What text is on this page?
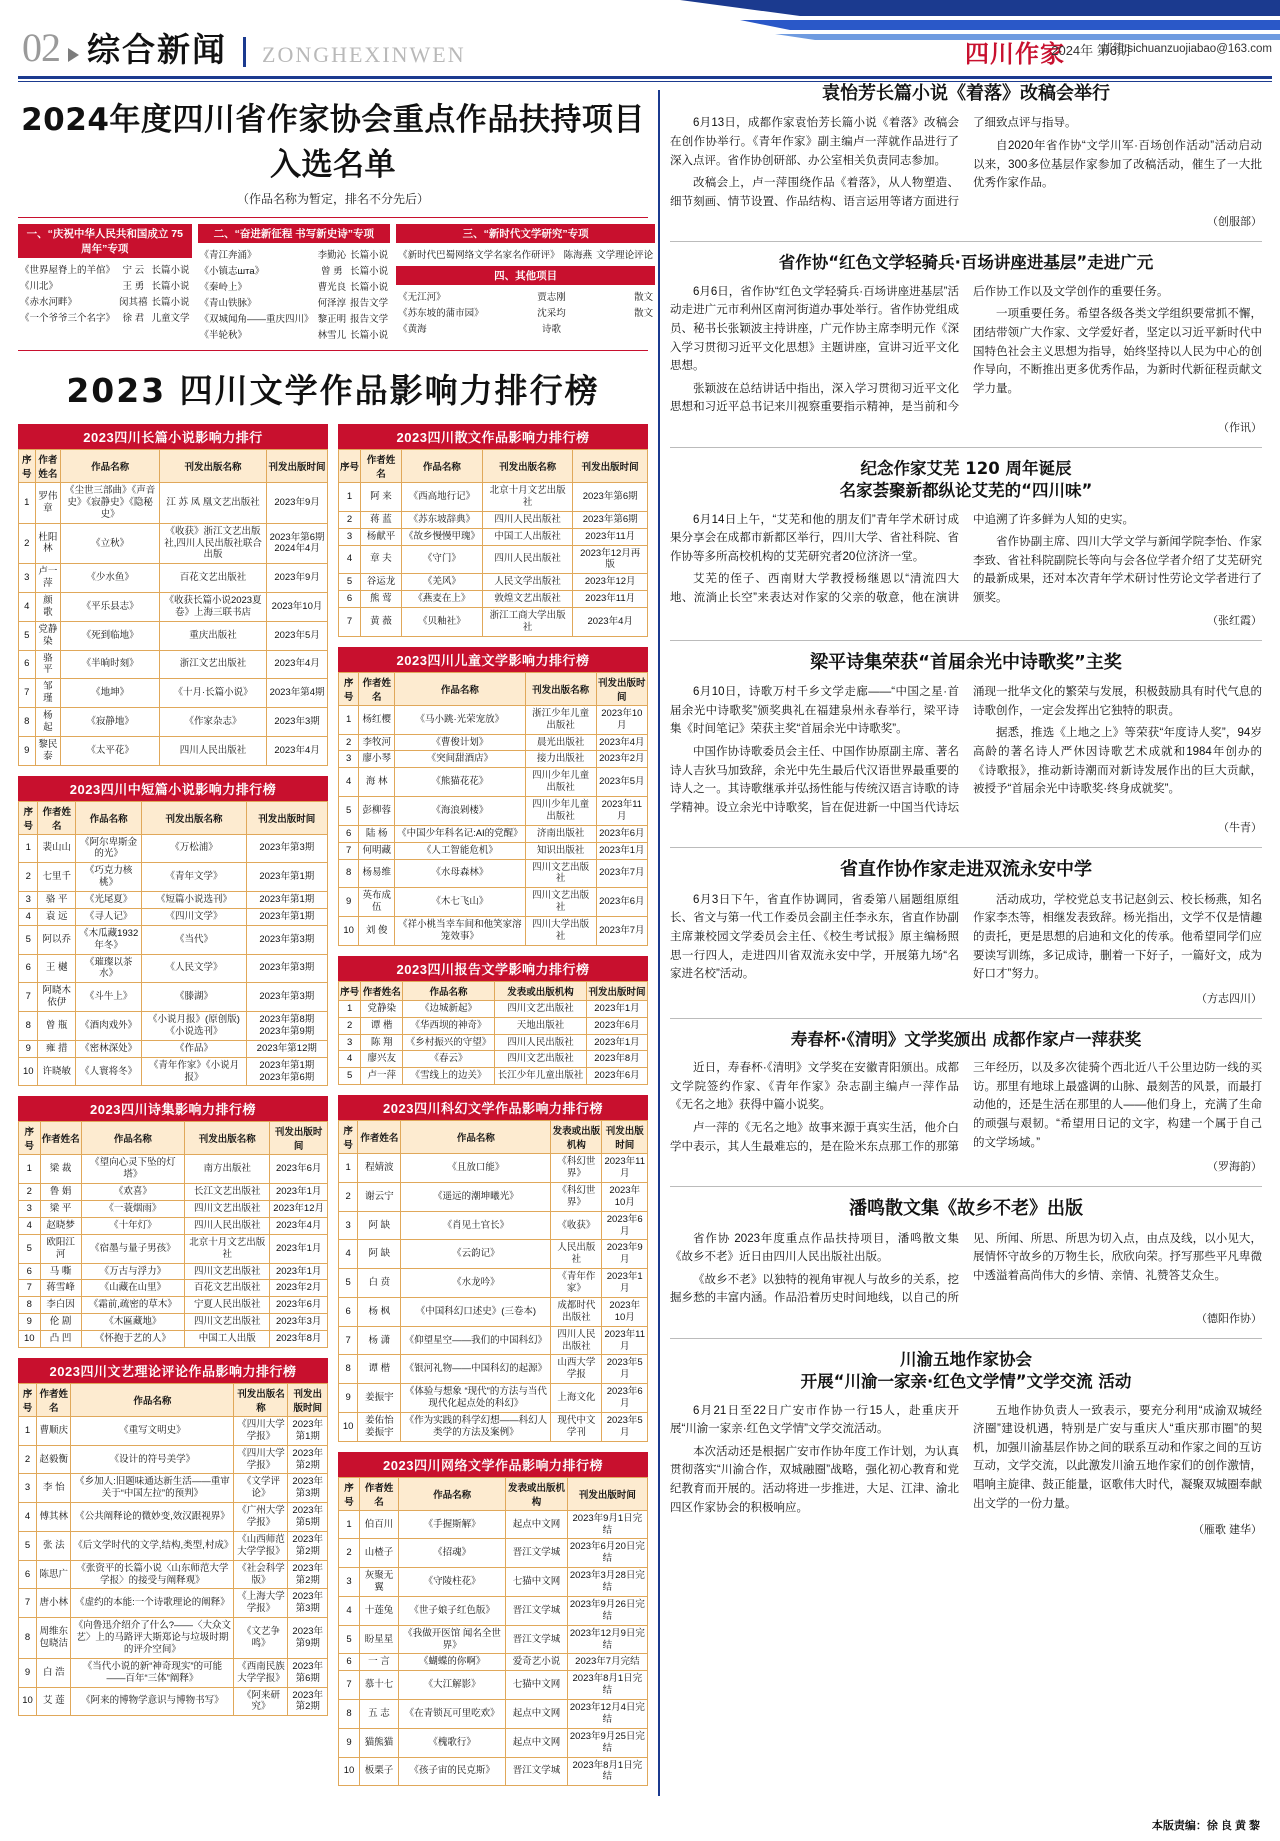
02 综合新闻 ZONGHEXINWEN	四川作家
2024年 第6期
邮箱:sichuanzuojiabao@163.com
2024年度四川省作家协会重点作品扶持项目入选名单
（作品名称为暂定，排名不分先后）
一、“庆祝中华人民共和国成立 75 周年”专项
《世界屋脊上的羊倌》	宁 云	长篇小说
《川北》	王 勇	长篇小说
《赤水河畔》	闵其禧	长篇小说
《一个爷爷三个名字》	徐 君	儿童文学
二、“奋进新征程 书写新史诗”专项
《青江奔涌》	李勤沁	长篇小说
《小镇志шта》	曾 勇	长篇小说
《秦岭上》	曹光良	长篇小说
《青山铁脉》	何泽淳	报告文学
《双城闻角——重庆四川》	黎正明	报告文学
《半轮秋》	林雪儿	长篇小说
三、“新时代文学研究”专项
《新时代巴蜀网络文学名家名作研评》	陈海燕	文学理论评论
四、其他项目
《无江河》	贾志刚	散文
《苏东坡的蒲市园》	沈采均	散文
《黄海	诗歌	
2023 四川文学作品影响力排行榜
2023四川长篇小说影响力排行
序号	作者姓名	作品名称	刊发出版名称	刊发出版时间
1	罗伟章	《尘世三部曲》《声音史》《寂静史》《隐秘史》	江 苏 凤 凰文艺出版社	2023年9月
2	杜阳林	《立秋》	《收获》浙江文艺出版社,四川人民出版社联合出版	2023年第6期 2024年4月
3	卢一萍	《少水鱼》	百花文艺出版社	2023年9月
4	颜 歌	《平乐县志》	《收获长篇小说2023夏卷》上海三联书店	2023年10月
5	党静染	《死到临地》	重庆出版社	2023年5月
6	骆 平	《半晌时刻》	浙江文艺出版社	2023年4月
7	邹 瑾	《地坤》	《十月·长篇小说》	2023年第4期
8	杨 起	《寂静地》	《作家杂志》	2023年3期
9	黎民泰	《太平花》	四川人民出版社	2023年4月
2023四川中短篇小说影响力排行榜
序号	作者姓名	作品名称	刊发出版名称	刊发出版时间
1	裴山山	《阿尔卑斯金的光》	《万松浦》	2023年第3期
2	七里千	《巧克力核桃》	《青年文学》	2023年第1期
3	骆 平	《光尾夏》	《短篇小说选刊》	2023年第1期
4	袁 远	《寻人记》	《四川文学》	2023年第1期
5	阿以乔	《木瓜藏1932年冬》	《当代》	2023年第3期
6	王 樾	《璀璨以茶水》	《人民文学》	2023年第3期
7	阿晓木依伊	《斗牛上》	《滕湖》	2023年第3期
8	曾 瓶	《酒肉戏外》	《小说月报》(原创版) 《小说选刊》	2023年第8期 2023年第9期
9	雍 措	《密林深处》	《作品》	2023年第12期
10	许晓敏	《人寰将冬》	《青年作家》《小说月报》	2023年第1期 2023年第6期
2023四川诗集影响力排行榜
序号	作者姓名	作品名称	刊发出版名称	刊发出版时间
1	梁 裁	《望向心灵下坠的灯塔》	南方出版社	2023年6月
2	鲁 娟	《欢喜》	长江文艺出版社	2023年1月
3	梁 平	《一蓑烟雨》	四川文艺出版社	2023年12月
4	赵晓梦	《十年灯》	四川人民出版社	2023年4月
5	欧阳江河	《宿墨与量子男孩》	北京十月文艺出版社	2023年1月
6	马 嘶	《万古与浮力》	四川文艺出版社	2023年1月
7	蒋雪峰	《山藏在山里》	百花文艺出版社	2023年2月
8	李白因	《霜前,疏密的草木》	宁夏人民出版社	2023年6月
9	伦 剧	《木匾藏地》	四川文艺出版社	2023年3月
10	凸 凹	《怀抱于艺的人》	中国工人出版	2023年8月
2023四川文艺理论评论作品影响力排行榜
序号	作者姓名	作品名称	刊发出版名称	刊发出版时间
1	曹顺庆	《重写文明史》	《四川大学学报》	2023年第1期
2	赵毅衡	《设计的符号美学》	《四川大学学报》	2023年第2期
3	李 怡	《乡加人:旧题味通达新生活——重审关于“中国左拉”的预判》	《文学评论》	2023年第3期
4	傅其林	《公共阐释论的微妙变,效汉跟视界》	《广州大学学报》	2023年第5期
5	张 法	《后文学时代的文学,结构,类型,村成》	《山西师范大学学报》	2023年第2期
6	陈思广	《张资平的长篇小说〈山东师范大学学报〉的接受与阐释观》	《社会科学版》	2023年第2期
7	唐小林	《虚约的本能:一个诗歌理论的阐释》	《上海大学学报》	2023年第3期
8	周维东 包晓洁	《向鲁迅介绍介了什么?——〈大众文艺〉上的马路评大斯郑论与垃圾时期的评介空间》	《文艺争鸣》	2023年第9期
9	白 浩	《当代小说的新“神奇现实”的可能——百年“三体”阐释》	《西南民族大学学报》	2023年第6期
10	艾 莲	《阿来的博物学意识与博物书写》	《阿来研究》	2023年第2期
2023四川散文作品影响力排行榜
序号	作者姓名	作品名称	刊发出版名称	刊发出版时间
1	阿 来	《西高地行记》	北京十月文艺出版社	2023年第6期
2	蒋 蓝	《苏东坡辞典》	四川人民出版社	2023年第6期
3	杨献平	《故乡慢慢甲瑰》	中国工人出版社	2023年11月
4	章 夫	《守门》	四川人民出版社	2023年12月再版
5	谷运龙	《羌风》	人民文学出版社	2023年12月
6	熊 莺	《燕麦在上》	敦煌文艺出版社	2023年11月
7	黄 薇	《贝釉社》	浙江工商大学出版社	2023年4月
2023四川儿童文学影响力排行榜
序号	作者姓名	作品名称	刊发出版名称	刊发出版时间
1	杨红樱	《马小跳·光荣宠放》	浙江少年儿童出版社	2023年10月
2	李牧河	《曹俊计划》	晨光出版社	2023年4月
3	廖小琴	《突间甜酒店》	接力出版社	2023年2月
4	海 林	《熊猫花花》	四川少年儿童出版社	2023年5月
5	彭柳蓉	《海浪剁楼》	四川少年儿童出版社	2023年11月
6	陆 杨	《中国少年科名记:AI的党醒》	济南出版社	2023年6月
7	何明藏	《人工智能危机》	知识出版社	2023年1月
8	杨易维	《水母森林》	四川文艺出版社	2023年7月
9	英布成伍	《木七飞山》	四川文艺出版社	2023年6月
10	刘 俊	《祥小桃当幸车间和他笑家溶笼效事》	四川大学出版社	2023年7月
2023四川报告文学影响力排行榜
序号	作者姓名	作品名称	发表或出版机构	刊发出版时间
1	党静染	《边城新起》	四川文艺出版社	2023年1月
2	谭 楷	《华西坝的神奇》	天地出版社	2023年6月
3	陈 翔	《乡村振兴的守望》	四川人民出版社	2023年1月
4	廖兴友	《春云》	四川文艺出版社	2023年8月
5	卢一萍	《雪线上的边关》	长江少年儿童出版社	2023年6月
2023四川科幻文学作品影响力排行榜
序号	作者姓名	作品名称	发表或出版机构	刊发出版时间
1	程婧波	《且放口能》	《科幻世界》	2023年11月
2	谢云宁	《遥远的潮坤曦光》	《科幻世界》	2023年10月
3	阿 缺	《肖见土官长》	《收获》	2023年6月
4	阿 缺	《云韵记》	人民出版社	2023年9月
5	白 贲	《水龙吟》	《青年作家》	2023年1月
6	杨 枫	《中国科幻口述史》(三卷本)	成都时代出版社	2023年10月
7	杨 潇	《仰望星空——我们的中国科幻》	四川人民出版社	2023年11月
8	谭 楷	《银河礼物——中国科幻的起源》	山西大学学报	2023年5月
9	姜振宇	《体验与想象 “现代”的方法与当代现代化起点处的科幻》	上海文化	2023年6月
10	姜佑怡 姜振宇	《作为实践的科学幻想——科幻人类学的方法及案例》	现代中文学刊	2023年5月
2023四川网络文学作品影响力排行榜
序号	作者姓名	作品名称	发表或出版机构	刊发出版时间
1	伯百川	《手握斯解》	起点中文网	2023年9月1日完结
2	山楂子	《招魂》	晋江文学城	2023年6月20日完结
3	灰聚无翼	《守陵柱花》	七猫中文网	2023年3月28日完结
4	十莲兔	《世子娘子红色版》	晋江文学城	2023年9月26日完结
5	盼星星	《我做开医馆 闻名全世界》	晋江文学城	2023年12月9日完结
6	一 言	《蝴蝶的你啊》	爱奇艺小说	2023年7月完结
7	慕十七	《大江解影》	七猫中文网	2023年8月1日完结
8	五 志	《在青锁瓦可里吃欢》	起点中文网	2023年12月4日完结
9	猫熊猫	《槐歌行》	起点中文网	2023年9月25日完结
10	板栗子	《孩子宙的民克斯》	晋江文学城	2023年8月1日完结
袁怡芳长篇小说《着落》改稿会举行

6月13日，成都作家袁怡芳长篇小说《着落》改稿会在创作协举行。《青年作家》副主编卢一萍就作品进行了深入点评。省作协创研部、办公室相关负责同志参加。

改稿会上，卢一萍围绕作品《着落》，从人物塑造、细节刻画、情节设置、作品结构、语言运用等诸方面进行了细致点评与指导。

自2020年省作协“文学川军·百场创作活动”活动启动以来，300多位基层作家参加了改稿活动，催生了一大批优秀作家作品。

（创服部）
省作协“红色文学轻骑兵·百场讲座进基层”走进广元

6月6日，省作协“红色文学轻骑兵·百场讲座进基层”活动走进广元市利州区南河街道办事处举行。省作协党组成员、秘书长张颖波主持讲座，广元作协主席李明元作《深入学习贯彻习近平文化思想》主题讲座，宣讲习近平文化思想。

张颖波在总结讲话中指出，深入学习贯彻习近平文化思想和习近平总书记来川视察重要指示精神，是当前和今后作协工作以及文学创作的重要任务。

一项重要任务。希望各级各类文学组织要常抓不懈，团结带领广大作家、文学爱好者，坚定以习近平新时代中国特色社会主义思想为指导，始终坚持以人民为中心的创作导向，不断推出更多优秀作品，为新时代新征程贡献文学力量。

（作讯）
纪念作家艾芜 120 周年诞辰
名家荟聚新都纵论艾芜的“四川味”

6月14日上午，“艾芜和他的朋友们”青年学术研讨成果分享会在成都市新都区举行，四川大学、省社科院、省作协等多所高校机构的艾芜研究者20位济济一堂。

艾芜的侄子、西南财大学教授杨继恩以“清流四大地、流淌止长空”来表达对作家的父亲的敬意，他在演讲中追溯了许多鲜为人知的史实。

省作协副主席、四川大学文学与新闻学院李怡、作家李致、省社科院副院长等向与会各位学者介绍了艾芜研究的最新成果，还对本次青年学术研讨性劳论文学者进行了颁奖。

（张红霞）
梁平诗集荣获“首届余光中诗歌奖”主奖

6月10日，诗歌万村千乡文学走廊——“中国之星·首届余光中诗歌奖”颁奖典礼在福建泉州永春举行，梁平诗集《时间笔记》荣获主奖“首届余光中诗歌奖”。

中国作协诗歌委员会主任、中国作协原副主席、著名诗人吉狄马加致辞，余光中先生最后代汉语世界最重要的诗人之一。其诗歌继承并弘扬性能与传统汉语言诗歌的诗学精神。设立余光中诗歌奖，旨在促进新一中国当代诗坛涌现一批华文化的繁荣与发展，积极鼓励具有时代气息的诗歌创作，一定会发挥出它独特的职责。

据悉，推选《上地之上》等荣获“年度诗人奖”，94岁高龄的著名诗人严休因诗歌艺术成就和1984年创办的《诗歌报》，推动新诗潮而对新诗发展作出的巨大贡献，被授予“首届余光中诗歌奖·终身成就奖”。

（牛青）
省直作协作家走进双流永安中学

6月3日下午，省直作协调同，省委第八届题组原组长、省文与第一代工作委员会副主任李永东，省直作协副主席兼校园文学委员会主任、《校生考试报》原主编杨照思一行四人，走进四川省双流永安中学，开展第九场“名家进名校”活动。

活动成功，学校党总支书记赵剑云、校长杨燕，知名作家李杰等，相继发表致辞。杨光指出，文学不仅是情趣的责托，更是思想的启迪和文化的传承。他希望同学们应要读写训练，多记成诗，删着一下好子，一篇好文，成为好口才”努力。

（方志四川）
寿春杯·《清明》文学奖颁出 成都作家卢一萍获奖

近日，寿春杯·《清明》文学奖在安徽青阳颁出。成都文学院签约作家、《青年作家》杂志副主编卢一萍作品《无名之地》获得中篇小说奖。

卢一萍的《无名之地》故事来源于真实生活，他介白学中表示，其人生最难忘的，是在险米东点那工作的那第三年经历，以及多次徒骑个西北近八千公里边防一线的买访。那里有地球上最盛调的山脉、最刻苦的风景，而最打动他的，还是生活在那里的人——他们身上，充满了生命的顽强与艰韧。“希望用日记的文字，构建一个属于自己的文学场域。”

（罗海韵）
潘鸣散文集《故乡不老》出版

省作协 2023年度重点作品扶持项目，潘鸣散文集《故乡不老》近日由四川人民出版社出版。

《故乡不老》以独特的视角审视人与故乡的关系，挖掘乡愁的丰富内涵。作品沿着历史时间地线，以自己的所见、所闻、所思、所思为切入点，由点及线，以小见大，展情怀守故乡的万物生长，欣欣向荣。抒写那些平凡卑微中透溢着高尚伟大的乡情、亲情、礼赞答艾众生。

（德阳作协）
川渝五地作家协会
开展“川渝一家亲·红色文学情”文学交流 活动

6月21日至22日广安市作协一行15人，赴重庆开展“川渝一家亲·红色文学情”文学交流活动。

本次活动还是根据广安市作协年度工作计划，为认真贯彻落实“川渝合作，双城融圈”战略，强化初心教育和党纪教育而开展的。活动将进一步推进，大足、江津、渝北四区作家协会的积极响应。

五地作协负责人一致表示，要充分利用“成渝双城经济圈”建设机遇，特别是广安与重庆人“重庆那市圈”的契机，加强川渝基层作协之间的联系互动和作家之间的互访互动，文学交流，以此激发川渝五地作家们的创作激情，唱响主旋律、鼓正能量，讴歌伟大时代，凝聚双城圈奉献出文学的一份力量。

（雁歌 建华）
本版责编：徐 良 黄 黎
